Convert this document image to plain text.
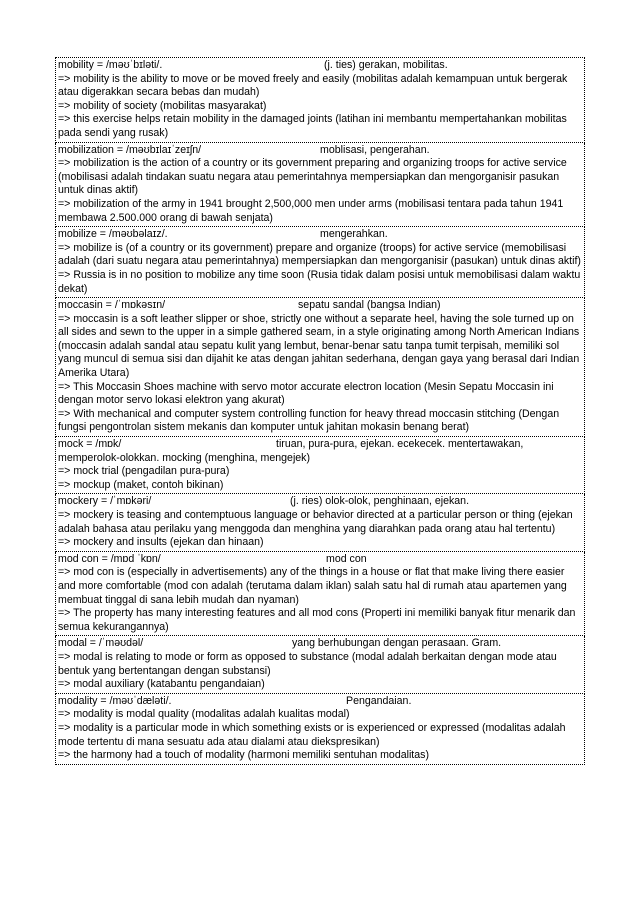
mobility = /məʊˈbɪləti/.	(j. ties) gerakan, mobilitas.
=> mobility is the ability to move or be moved freely and easily (mobilitas adalah kemampuan untuk bergerak atau digerakkan secara bebas dan mudah)
=> mobility of society (mobilitas masyarakat)
=> this exercise helps retain mobility in the damaged joints (latihan ini membantu mempertahankan mobilitas pada sendi yang rusak)
mobilization = /məʊbɪlaɪˈzeɪʃn/	moblisasi, pengerahan.
=> mobilization is the action of a country or its government preparing and organizing troops for active service (mobilisasi adalah tindakan suatu negara atau pemerintahnya mempersiapkan dan mengorganisir pasukan untuk dinas aktif)
=> mobilization of the army in 1941 brought 2,500,000 men under arms (mobilisasi tentara pada tahun 1941 membawa 2.500.000 orang di bawah senjata)
mobilize = /məʊbəlaɪz/.	mengerahkan.
=> mobilize is (of a country or its government) prepare and organize (troops) for active service (memobilisasi adalah (dari suatu negara atau pemerintahnya) mempersiapkan dan mengorganisir (pasukan) untuk dinas aktif)
=> Russia is in no position to mobilize any time soon (Rusia tidak dalam posisi untuk memobilisasi dalam waktu dekat)
moccasin = /ˈmɒkəsɪn/	sepatu sandal (bangsa Indian)
=> moccasin is a soft leather slipper or shoe, strictly one without a separate heel, having the sole turned up on all sides and sewn to the upper in a simple gathered seam, in a style originating among North American Indians (moccasin adalah sandal atau sepatu kulit yang lembut, benar-benar satu tanpa tumit terpisah, memiliki sol yang muncul di semua sisi dan dijahit ke atas dengan jahitan sederhana, dengan gaya yang berasal dari Indian Amerika Utara)
=> This Moccasin Shoes machine with servo motor accurate electron location (Mesin Sepatu Moccasin ini dengan motor servo lokasi elektron yang akurat)
=> With mechanical and computer system controlling function for heavy thread moccasin stitching (Dengan fungsi pengontrolan sistem mekanis dan komputer untuk jahitan mokasin benang berat)
mock = /mɒk/	tiruan, pura-pura, ejekan. ecekecek. mentertawakan,
memperolok-olokkan. mocking (menghina, mengejek)
=> mock trial (pengadilan pura-pura)
=> mockup (maket, contoh bikinan)
mockery = /ˈmɒkəri/	(j. ries) olok-olok, penghinaan, ejekan.
=> mockery is teasing and contemptuous language or behavior directed at a particular person or thing (ejekan adalah bahasa atau perilaku yang menggoda dan menghina yang diarahkan pada orang atau hal tertentu)
=> mockery and insults (ejekan dan hinaan)
mod con = /mɒd ˈkɒn/	mod con
=> mod con is (especially in advertisements) any of the things in a house or flat that make living there easier and more comfortable (mod con adalah (terutama dalam iklan) salah satu hal di rumah atau apartemen yang membuat tinggal di sana lebih mudah dan nyaman)
=> The property has many interesting features and all mod cons (Properti ini memiliki banyak fitur menarik dan semua kekurangannya)
modal = /ˈməʊdəl/	yang berhubungan dengan perasaan. Gram.
=> modal is relating to mode or form as opposed to substance (modal adalah berkaitan dengan mode atau bentuk yang bertentangan dengan substansi)
=> modal auxiliary (katabantu pengandaian)
modality = /məʊˈdæləti/.	Pengandaian.
=> modality is modal quality (modalitas adalah kualitas modal)
=> modality is a particular mode in which something exists or is experienced or expressed (modalitas adalah mode tertentu di mana sesuatu ada atau dialami atau diekspresikan)
=> the harmony had a touch of modality (harmoni memiliki sentuhan modalitas)
